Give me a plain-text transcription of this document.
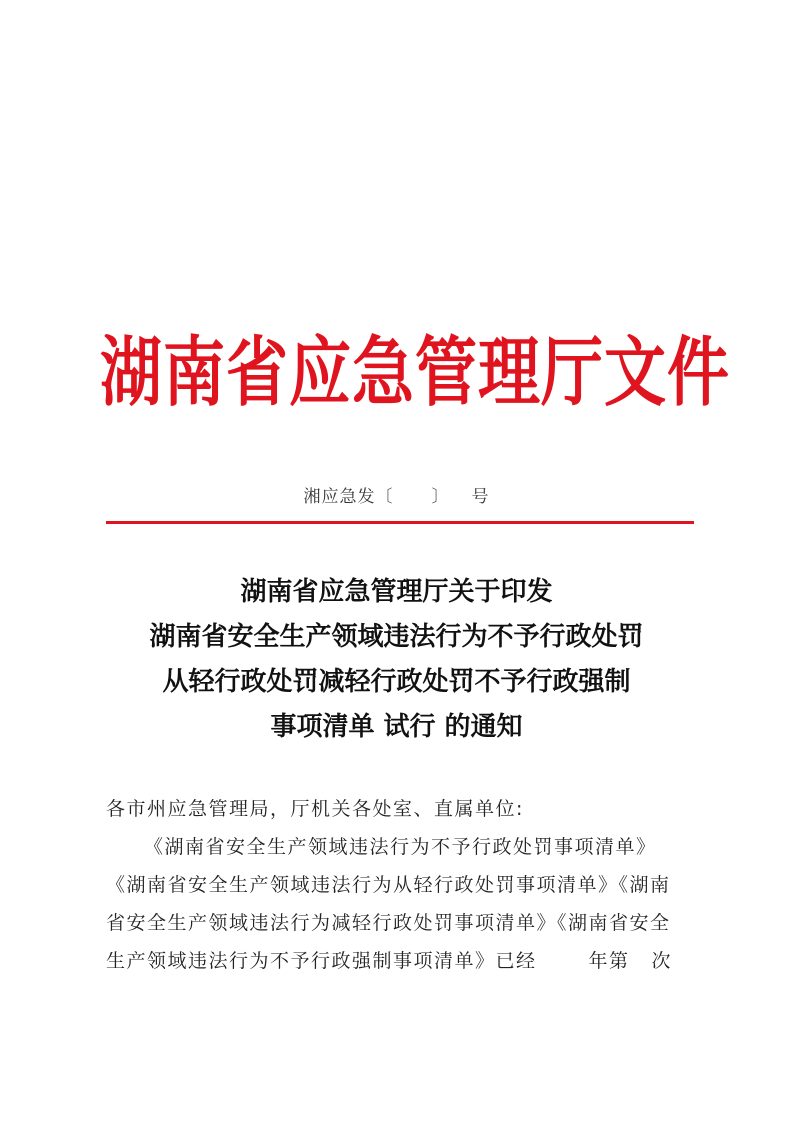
湖南省应急管理厅文件
湘应急发〔 〕 号
湖南省应急管理厅关于印发
湖南省安全生产领域违法行为不予行政处罚
从轻行政处罚减轻行政处罚不予行政强制
事项清单 试行 的通知
各市州应急管理局，厅机关各处室、直属单位:
《湖南省安全生产领域违法行为不予行政处罚事项清单》
《湖南省安全生产领域违法行为从轻行政处罚事项清单》《湖南
省安全生产领域违法行为减轻行政处罚事项清单》《湖南省安全
生产领域违法行为不予行政强制事项清单》已经	年第 次
